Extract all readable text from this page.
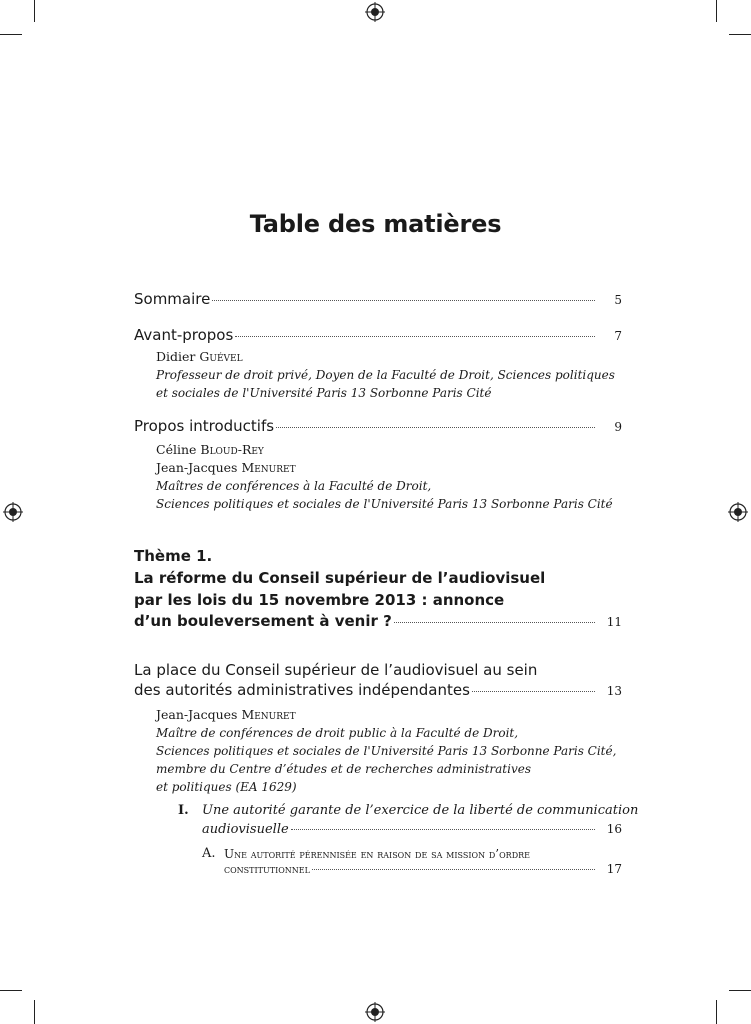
Table des matières
Sommaire	5
Avant-propos	7
Didier Guével
Professeur de droit privé, Doyen de la Faculté de Droit, Sciences politiques
et sociales de l'Université Paris 13 Sorbonne Paris Cité
Propos introductifs	9
Céline Bloud-Rey
Jean-Jacques Menuret
Maîtres de conférences à la Faculté de Droit,
Sciences politiques et sociales de l'Université Paris 13 Sorbonne Paris Cité
Thème 1.
La réforme du Conseil supérieur de l’audiovisuel
par les lois du 15 novembre 2013 : annonce
d’un bouleversement à venir ?	11
La place du Conseil supérieur de l’audiovisuel au sein
des autorités administratives indépendantes	13
Jean-Jacques Menuret
Maître de conférences de droit public à la Faculté de Droit,
Sciences politiques et sociales de l'Université Paris 13 Sorbonne Paris Cité,
membre du Centre d’études et de recherches administratives
et politiques (EA 1629)
I. Une autorité garante de l’exercice de la liberté de communication
audiovisuelle	16
A. Une autorité pérennisée en raison de sa mission d’ordre
constitutionnel	17
